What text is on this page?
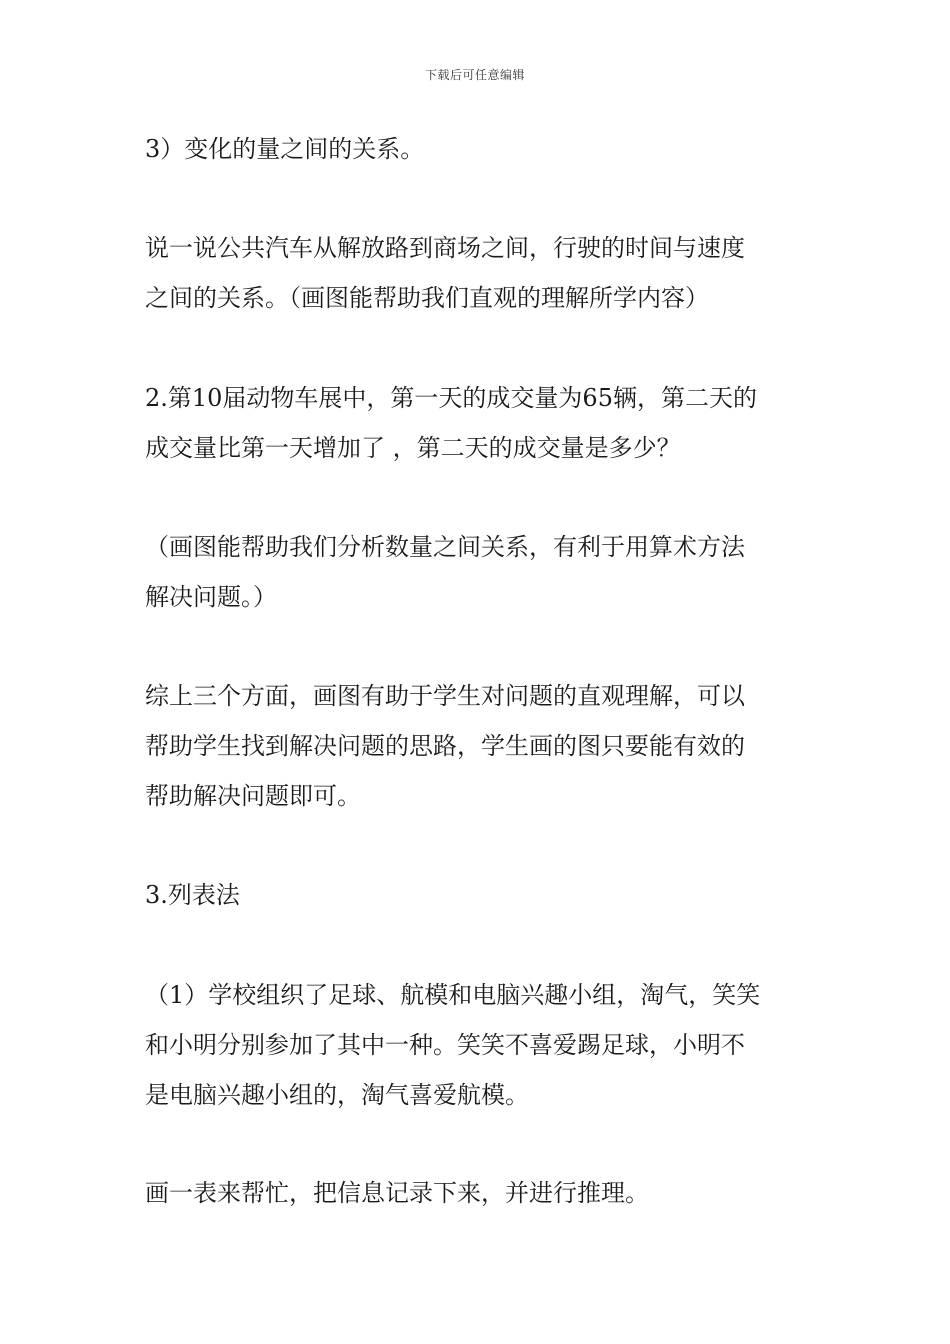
下载后可任意编辑
3）变化的量之间的关系。
说一说公共汽车从解放路到商场之间，行驶的时间与速度
之间的关系。（画图能帮助我们直观的理解所学内容）
2.第10届动物车展中，第一天的成交量为65辆，第二天的
成交量比第一天增加了 ，第二天的成交量是多少？
（画图能帮助我们分析数量之间关系，有利于用算术方法
解决问题。）
综上三个方面，画图有助于学生对问题的直观理解，可以
帮助学生找到解决问题的思路，学生画的图只要能有效的
帮助解决问题即可。
3.列表法
（1）学校组织了足球、航模和电脑兴趣小组，淘气，笑笑
和小明分别参加了其中一种。笑笑不喜爱踢足球，小明不
是电脑兴趣小组的，淘气喜爱航模。
画一表来帮忙，把信息记录下来，并进行推理。
